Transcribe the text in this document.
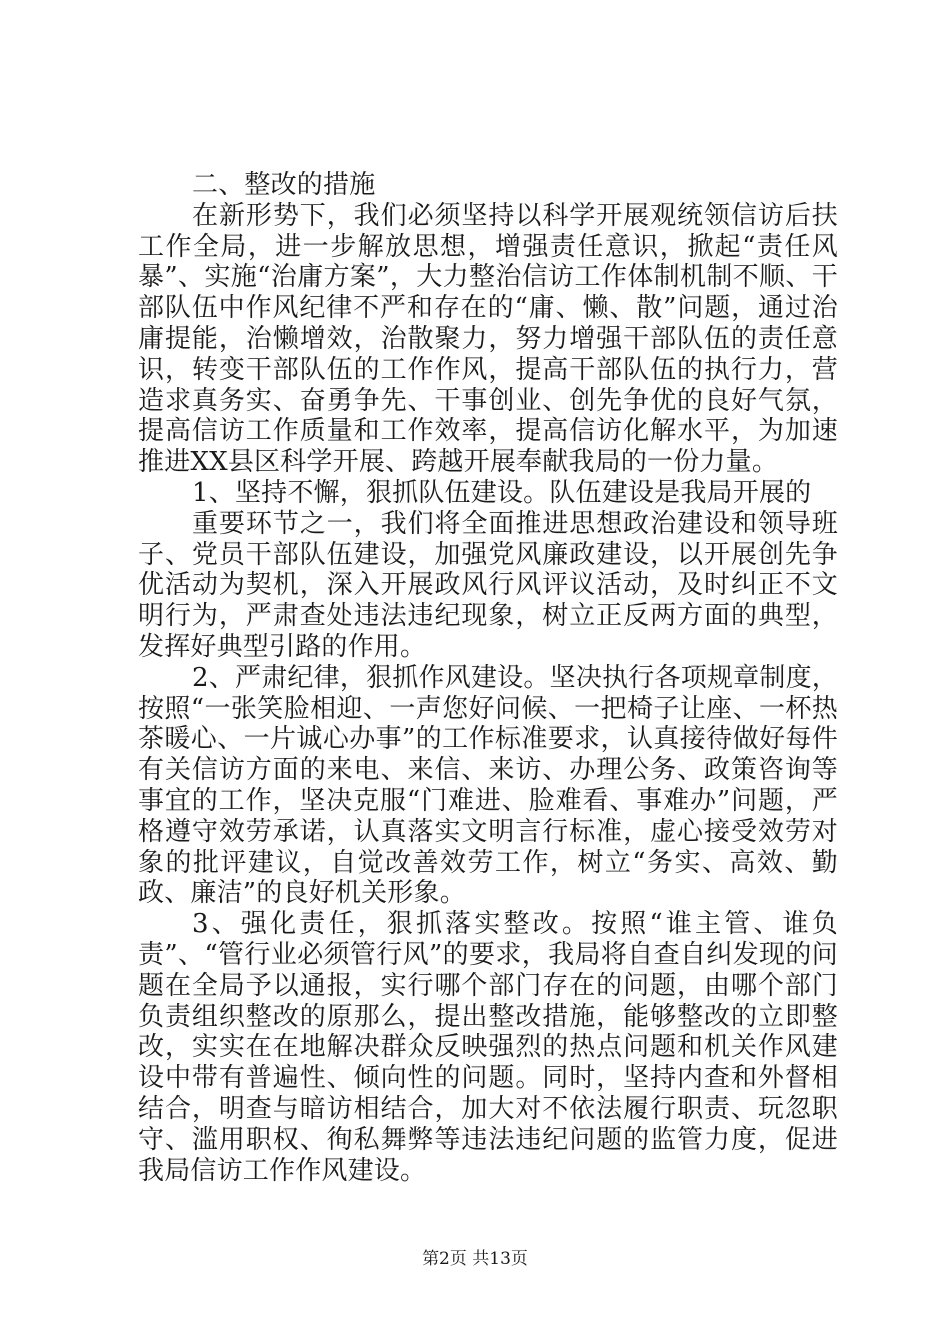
二、整改的措施

在新形势下，我们必须坚持以科学开展观统领信访后扶工作全局，进一步解放思想，增强责任意识，掀起“责任风暴”、实施“治庸方案”，大力整治信访工作体制机制不顺、干部队伍中作风纪律不严和存在的“庸、懒、散”问题，通过治庸提能，治懒增效，治散聚力，努力增强干部队伍的责任意识，转变干部队伍的工作作风，提高干部队伍的执行力，营造求真务实、奋勇争先、干事创业、创先争优的良好气氛，提高信访工作质量和工作效率，提高信访化解水平，为加速推进XX县区科学开展、跨越开展奉献我局的一份力量。

1、坚持不懈，狠抓队伍建设。队伍建设是我局开展的

重要环节之一，我们将全面推进思想政治建设和领导班子、党员干部队伍建设，加强党风廉政建设，以开展创先争优活动为契机，深入开展政风行风评议活动，及时纠正不文明行为，严肃查处违法违纪现象，树立正反两方面的典型，发挥好典型引路的作用。

2、严肃纪律，狠抓作风建设。坚决执行各项规章制度，按照“一张笑脸相迎、一声您好问候、一把椅子让座、一杯热茶暖心、一片诚心办事”的工作标准要求，认真接待做好每件有关信访方面的来电、来信、来访、办理公务、政策咨询等事宜的工作，坚决克服“门难进、脸难看、事难办”问题，严格遵守效劳承诺，认真落实文明言行标准，虚心接受效劳对象的批评建议，自觉改善效劳工作，树立“务实、高效、勤政、廉洁”的良好机关形象。

3、强化责任，狠抓落实整改。按照“谁主管、谁负责”、“管行业必须管行风”的要求，我局将自查自纠发现的问题在全局予以通报，实行哪个部门存在的问题，由哪个部门负责组织整改的原那么，提出整改措施，能够整改的立即整改，实实在在地解决群众反映强烈的热点问题和机关作风建设中带有普遍性、倾向性的问题。同时，坚持内查和外督相结合，明查与暗访相结合，加大对不依法履行职责、玩忽职守、滥用职权、徇私舞弊等违法违纪问题的监管力度，促进我局信访工作作风建设。

第2页 共13页
